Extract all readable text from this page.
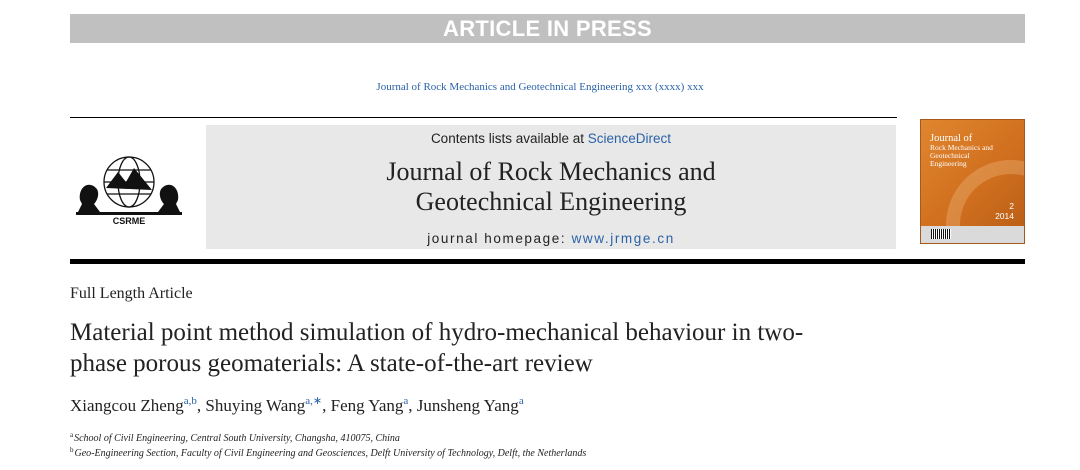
ARTICLE IN PRESS
Journal of Rock Mechanics and Geotechnical Engineering xxx (xxxx) xxx
CSRME
Contents lists available at ScienceDirect
Journal of Rock Mechanics and
Geotechnical Engineering
journal homepage: www.jrmge.cn
Journal of
Rock Mechanics and
Geotechnical
Engineering
2
2014
Full Length Article
Material point method simulation of hydro-mechanical behaviour in two-
phase porous geomaterials: A state-of-the-art review
Xiangcou Zheng$^{a,b}$, Shuying Wang$^{a,∗}$, Feng Yang$^a$, Junsheng Yang$^a$
$^a$School of Civil Engineering, Central South University, Changsha, 410075, China
$^b$Geo-Engineering Section, Faculty of Civil Engineering and Geosciences, Delft University of Technology, Delft, the Netherlands
